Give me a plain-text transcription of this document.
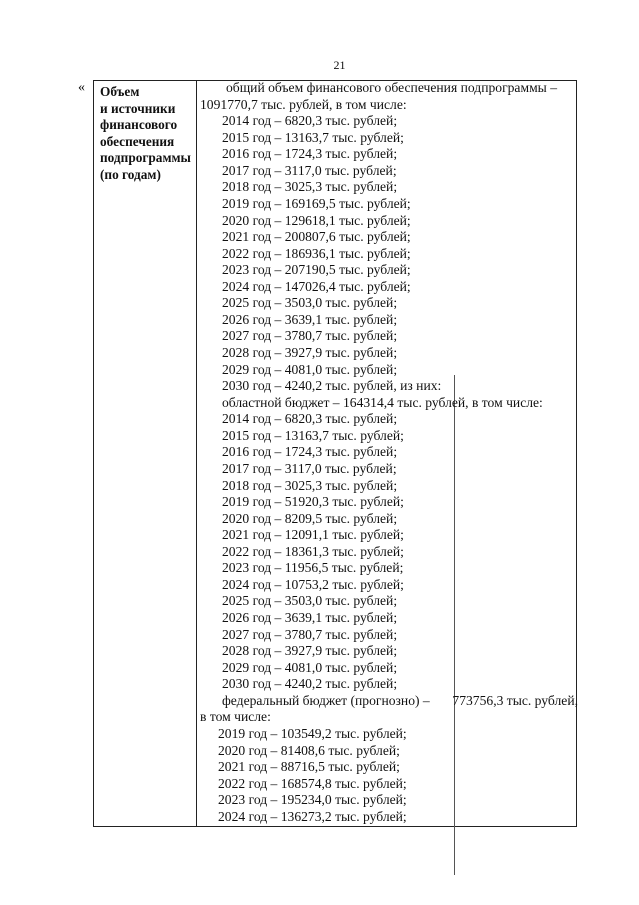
21
« Объем
и источники
финансового
обеспечения
подпрограммы
(по годам)
общий объем финансового обеспечения подпрограммы –
1091770,7 тыс. рублей, в том числе:
2014 год – 6820,3 тыс. рублей;
2015 год – 13163,7 тыс. рублей;
2016 год – 1724,3 тыс. рублей;
2017 год – 3117,0 тыс. рублей;
2018 год – 3025,3 тыс. рублей;
2019 год – 169169,5 тыс. рублей;
2020 год – 129618,1 тыс. рублей;
2021 год – 200807,6 тыс. рублей;
2022 год – 186936,1 тыс. рублей;
2023 год – 207190,5 тыс. рублей;
2024 год – 147026,4 тыс. рублей;
2025 год – 3503,0 тыс. рублей;
2026 год – 3639,1 тыс. рублей;
2027 год – 3780,7 тыс. рублей;
2028 год – 3927,9 тыс. рублей;
2029 год – 4081,0 тыс. рублей;
2030 год – 4240,2 тыс. рублей, из них:
областной бюджет – 164314,4 тыс. рублей, в том числе:
2014 год – 6820,3 тыс. рублей;
2015 год – 13163,7 тыс. рублей;
2016 год – 1724,3 тыс. рублей;
2017 год – 3117,0 тыс. рублей;
2018 год – 3025,3 тыс. рублей;
2019 год – 51920,3 тыс. рублей;
2020 год – 8209,5 тыс. рублей;
2021 год – 12091,1 тыс. рублей;
2022 год – 18361,3 тыс. рублей;
2023 год – 11956,5 тыс. рублей;
2024 год – 10753,2 тыс. рублей;
2025 год – 3503,0 тыс. рублей;
2026 год – 3639,1 тыс. рублей;
2027 год – 3780,7 тыс. рублей;
2028 год – 3927,9 тыс. рублей;
2029 год – 4081,0 тыс. рублей;
2030 год – 4240,2 тыс. рублей;
федеральный бюджет (прогнозно) – 773756,3 тыс. рублей,
в том числе:
2019 год – 103549,2 тыс. рублей;
2020 год – 81408,6 тыс. рублей;
2021 год – 88716,5 тыс. рублей;
2022 год – 168574,8 тыс. рублей;
2023 год – 195234,0 тыс. рублей;
2024 год – 136273,2 тыс. рублей;
